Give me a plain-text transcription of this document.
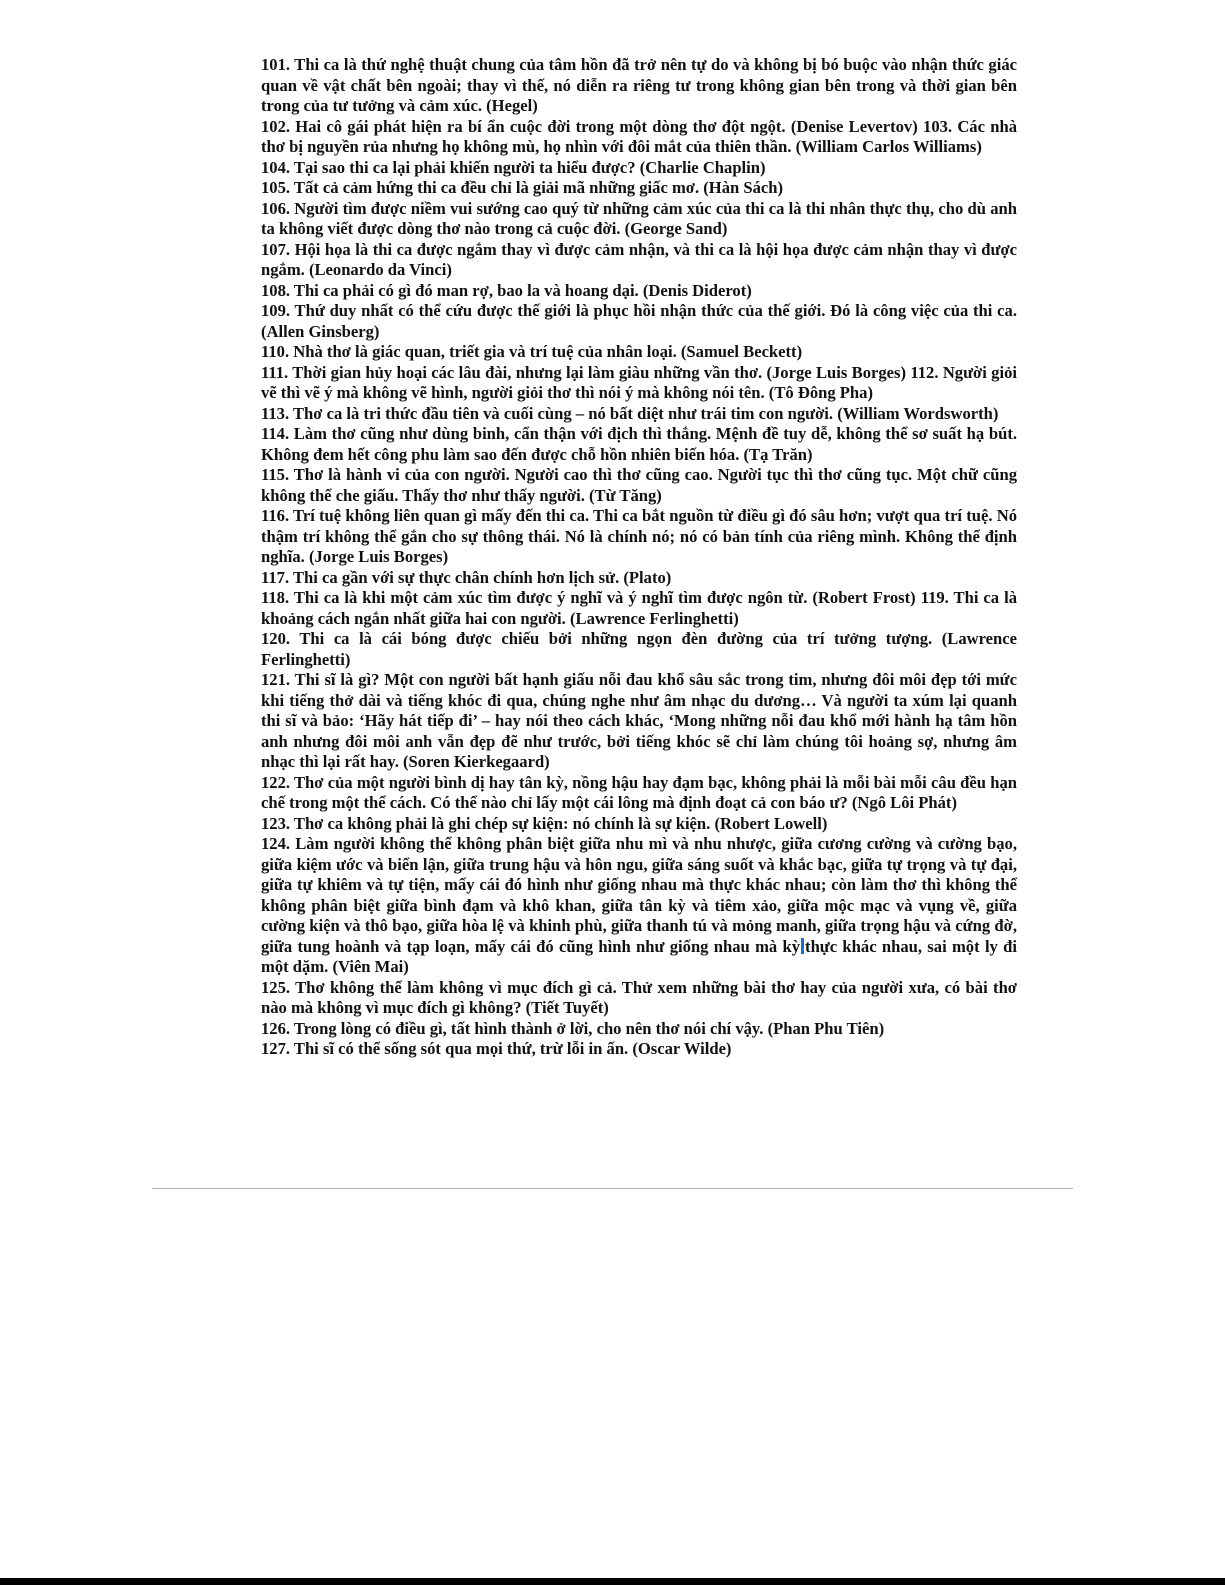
101. Thi ca là thứ nghệ thuật chung của tâm hồn đã trở nên tự do và không bị bó buộc vào nhận thức giác quan về vật chất bên ngoài; thay vì thế, nó diễn ra riêng tư trong không gian bên trong và thời gian bên trong của tư tưởng và cảm xúc. (Hegel)

102. Hai cô gái phát hiện ra bí ẩn cuộc đời trong một dòng thơ đột ngột. (Denise Levertov) 103. Các nhà thơ bị nguyền rủa nhưng họ không mù, họ nhìn với đôi mắt của thiên thần. (William Carlos Williams)

104. Tại sao thi ca lại phải khiến người ta hiểu được? (Charlie Chaplin)

105. Tất cả cảm hứng thi ca đều chỉ là giải mã những giấc mơ. (Hàn Sách)

106. Người tìm được niềm vui sướng cao quý từ những cảm xúc của thi ca là thi nhân thực thụ, cho dù anh ta không viết được dòng thơ nào trong cả cuộc đời. (George Sand)

107. Hội họa là thi ca được ngắm thay vì được cảm nhận, và thi ca là hội họa được cảm nhận thay vì được ngắm. (Leonardo da Vinci)

108. Thi ca phải có gì đó man rợ, bao la và hoang dại. (Denis Diderot)

109. Thứ duy nhất có thể cứu được thế giới là phục hồi nhận thức của thế giới. Đó là công việc của thi ca. (Allen Ginsberg)

110. Nhà thơ là giác quan, triết gia và trí tuệ của nhân loại. (Samuel Beckett)

111. Thời gian hủy hoại các lâu đài, nhưng lại làm giàu những vần thơ. (Jorge Luis Borges) 112. Người giỏi vẽ thì vẽ ý mà không vẽ hình, người giỏi thơ thì nói ý mà không nói tên. (Tô Đông Pha)

113. Thơ ca là tri thức đầu tiên và cuối cùng – nó bất diệt như trái tim con người. (William Wordsworth)

114. Làm thơ cũng như dùng binh, cẩn thận với địch thì thắng. Mệnh đề tuy dễ, không thể sơ suất hạ bút. Không đem hết công phu làm sao đến được chỗ hồn nhiên biến hóa. (Tạ Trăn)

115. Thơ là hành vi của con người. Người cao thì thơ cũng cao. Người tục thì thơ cũng tục. Một chữ cũng không thể che giấu. Thấy thơ như thấy người. (Từ Tăng)

116. Trí tuệ không liên quan gì mấy đến thi ca. Thi ca bắt nguồn từ điều gì đó sâu hơn; vượt qua trí tuệ. Nó thậm trí không thể gắn cho sự thông thái. Nó là chính nó; nó có bản tính của riêng mình. Không thể định nghĩa. (Jorge Luis Borges)

117. Thi ca gần với sự thực chân chính hơn lịch sử. (Plato)

118. Thi ca là khi một cảm xúc tìm được ý nghĩ và ý nghĩ tìm được ngôn từ. (Robert Frost) 119. Thi ca là khoảng cách ngắn nhất giữa hai con người. (Lawrence Ferlinghetti)

120. Thi ca là cái bóng được chiếu bởi những ngọn đèn đường của trí tưởng tượng. (Lawrence Ferlinghetti)

121. Thi sĩ là gì? Một con người bất hạnh giấu nỗi đau khổ sâu sắc trong tim, nhưng đôi môi đẹp tới mức khi tiếng thở dài và tiếng khóc đi qua, chúng nghe như âm nhạc du dương… Và người ta xúm lại quanh thi sĩ và bảo: ‘Hãy hát tiếp đi’ – hay nói theo cách khác, ‘Mong những nỗi đau khổ mới hành hạ tâm hồn anh nhưng đôi môi anh vẫn đẹp đẽ như trước, bởi tiếng khóc sẽ chỉ làm chúng tôi hoảng sợ, nhưng âm nhạc thì lại rất hay. (Soren Kierkegaard)

122. Thơ của một người bình dị hay tân kỳ, nồng hậu hay đạm bạc, không phải là mỗi bài mỗi câu đều hạn chế trong một thể cách. Có thể nào chỉ lấy một cái lông mà định đoạt cả con báo ư? (Ngô Lôi Phát)

123. Thơ ca không phải là ghi chép sự kiện: nó chính là sự kiện. (Robert Lowell)

124. Làm người không thể không phân biệt giữa nhu mì và nhu nhược, giữa cương cường và cường bạo, giữa kiệm ước và biển lận, giữa trung hậu và hôn ngu, giữa sáng suốt và khắc bạc, giữa tự trọng và tự đại, giữa tự khiêm và tự tiện, mấy cái đó hình như giống nhau mà thực khác nhau; còn làm thơ thì không thể không phân biệt giữa bình đạm và khô khan, giữa tân kỳ và tiêm xảo, giữa mộc mạc và vụng về, giữa cường kiện và thô bạo, giữa hòa lệ và khinh phù, giữa thanh tú và mỏng manh, giữa trọng hậu và cứng đờ, giữa tung hoành và tạp loạn, mấy cái đó cũng hình như giống nhau mà kỳ thực khác nhau, sai một ly đi một dặm. (Viên Mai)

125. Thơ không thể làm không vì mục đích gì cả. Thử xem những bài thơ hay của người xưa, có bài thơ nào mà không vì mục đích gì không? (Tiết Tuyết)

126. Trong lòng có điều gì, tất hình thành ở lời, cho nên thơ nói chí vậy. (Phan Phu Tiên)

127. Thi sĩ có thể sống sót qua mọi thứ, trừ lỗi in ấn. (Oscar Wilde)
